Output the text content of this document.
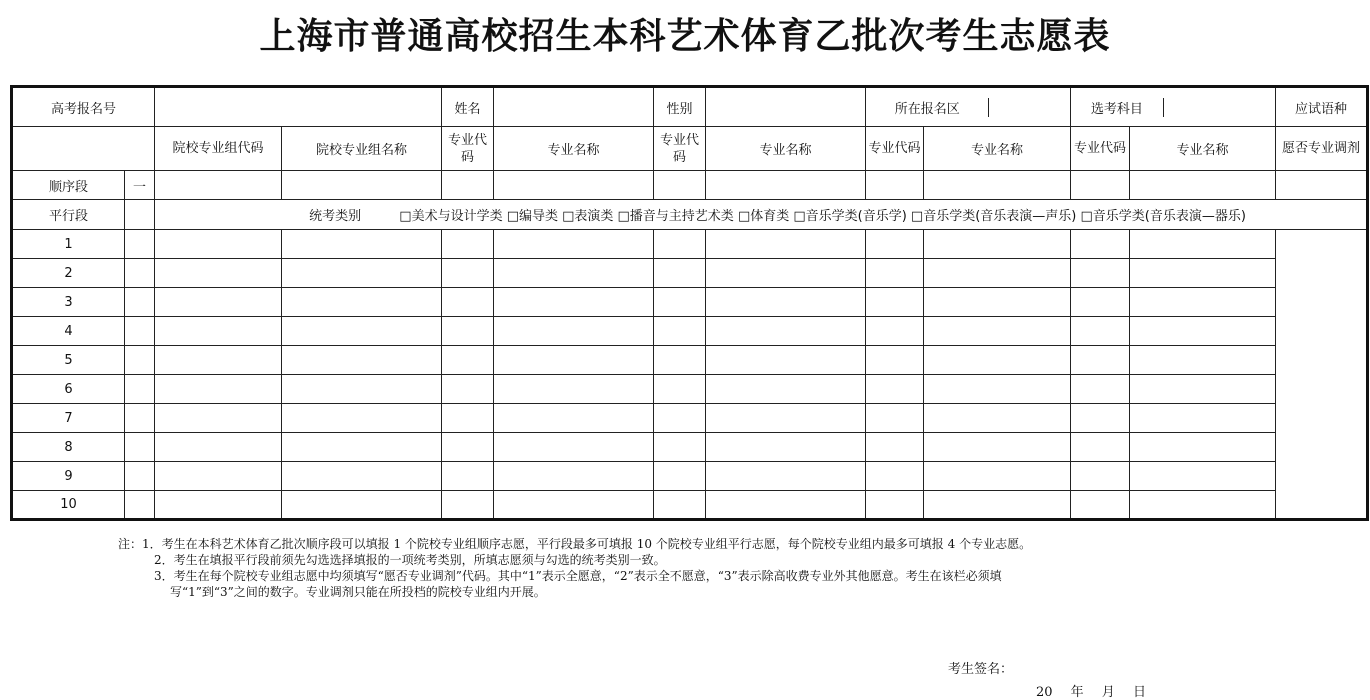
上海市普通高校招生本科艺术体育乙批次考生志愿表
高考报名号				姓名		性别		所在报名区		选考科目		应试语种
		院校专业组代码	院校专业组名称	专业代码	专业名称	专业代码	专业名称	专业代码	专业名称	专业代码	专业名称	愿否专业调剂
顺序段	一	

平行段		统考类别 □美术与设计学类 □编导类 □表演类 □播音与主持艺术类 □体育类 □音乐学类(音乐学) □音乐学类(音乐表演—声乐) □音乐学类(音乐表演—器乐)										
1		

2		

3		

4		

5		

6		

7		

8		

9		

10		

注：1．考生在本科艺术体育乙批次顺序段可以填报 1 个院校专业组顺序志愿，平行段最多可填报 10 个院校专业组平行志愿，每个院校专业组内最多可填报 4 个专业志愿。
2．考生在填报平行段前须先勾选选择填报的一项统考类别，所填志愿须与勾选的统考类别一致。
3．考生在每个院校专业组志愿中均须填写“愿否专业调剂”代码。其中“1”表示全愿意，“2”表示全不愿意，“3”表示除高收费专业外其他愿意。考生在该栏必须填
写“1”到“3”之间的数字。专业调剂只能在所投档的院校专业组内开展。
考生签名：
20 年 月 日
